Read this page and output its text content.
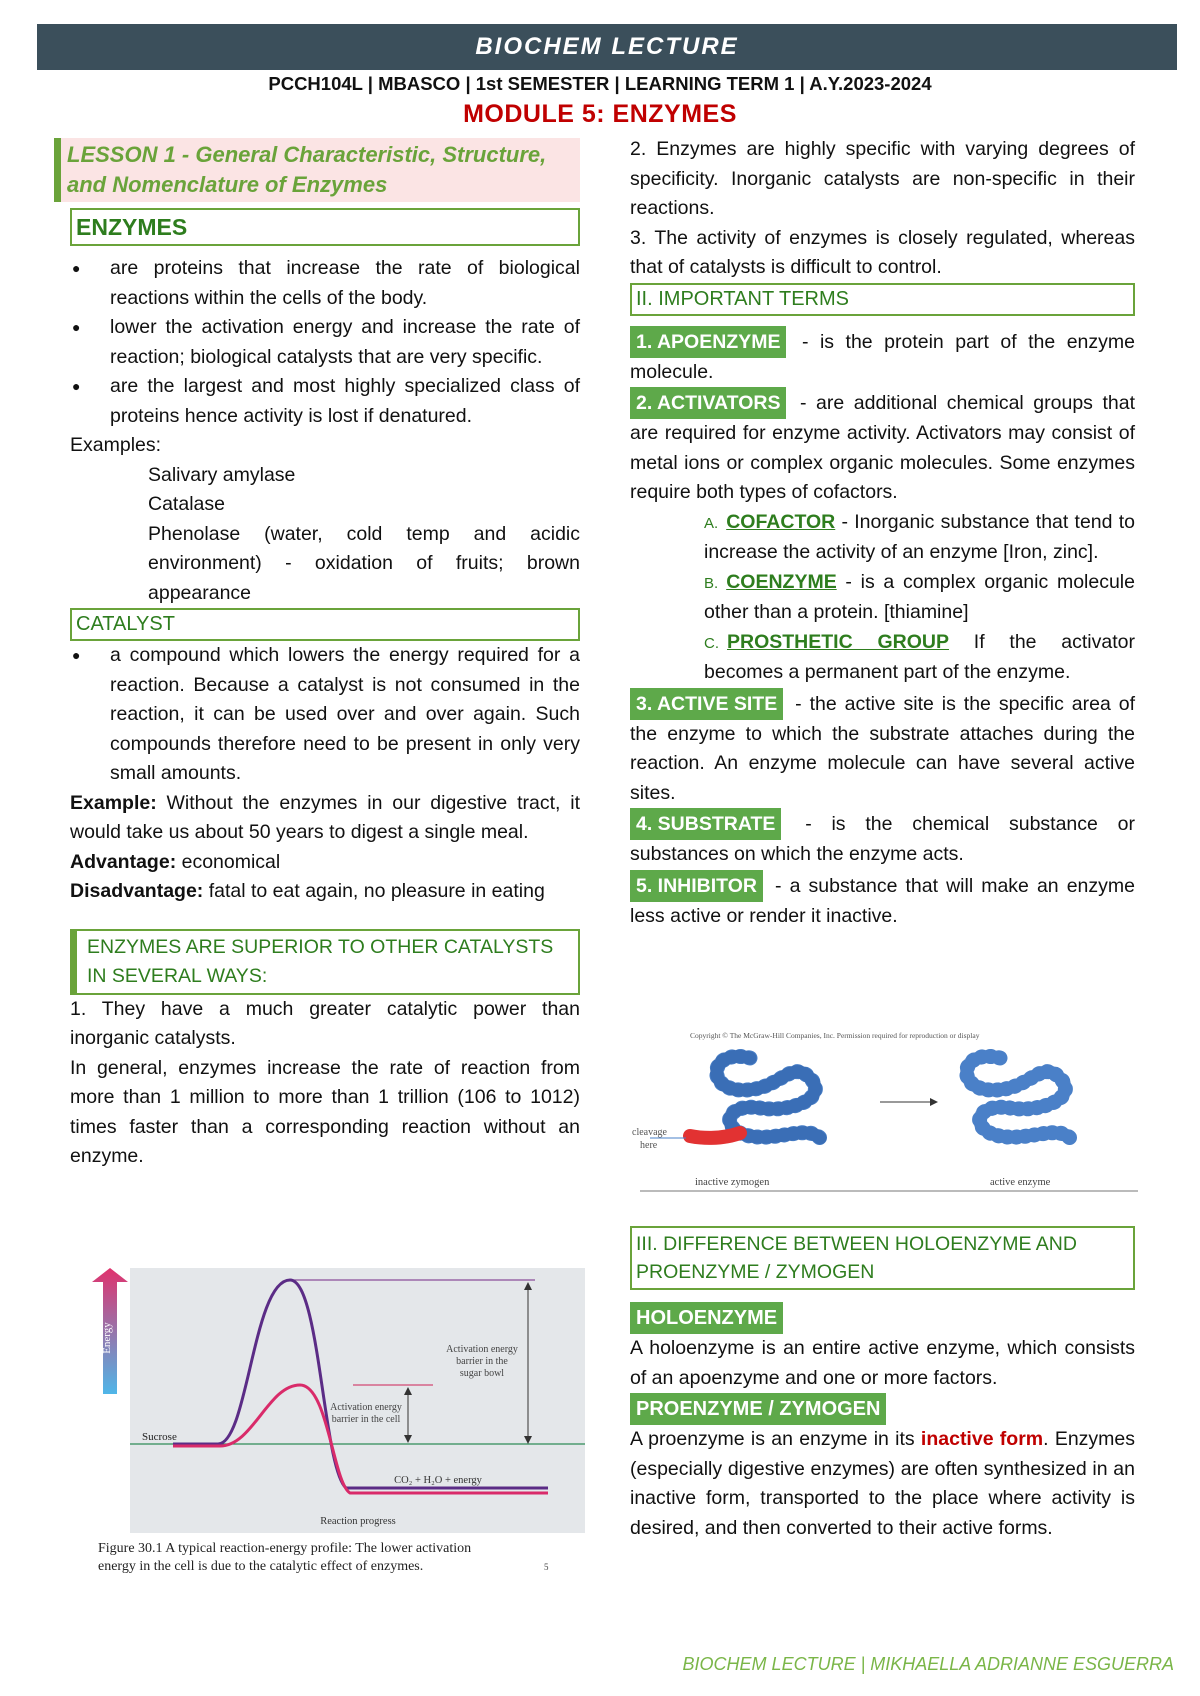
BIOCHEM LECTURE
PCCH104L | MBASCO | 1st SEMESTER | LEARNING TERM 1 | A.Y.2023-2024
MODULE 5: ENZYMES
LESSON 1 - General Characteristic, Structure, and Nomenclature of Enzymes
ENZYMES
● are proteins that increase the rate of biological reactions within the cells of the body.
● lower the activation energy and increase the rate of reaction; biological catalysts that are very specific.
● are the largest and most highly specialized class of proteins hence activity is lost if denatured.
Examples:
Salivary amylase
Catalase
Phenolase (water, cold temp and acidic environment) - oxidation of fruits; brown appearance
CATALYST
● a compound which lowers the energy required for a reaction. Because a catalyst is not consumed in the reaction, it can be used over and over again. Such compounds therefore need to be present in only very small amounts.
Example: Without the enzymes in our digestive tract, it would take us about 50 years to digest a single meal.
Advantage: economical
Disadvantage: fatal to eat again, no pleasure in eating
ENZYMES ARE SUPERIOR TO OTHER CATALYSTS IN SEVERAL WAYS:
1. They have a much greater catalytic power than inorganic catalysts.
In general, enzymes increase the rate of reaction from more than 1 million to more than 1 trillion (106 to 1012) times faster than a corresponding reaction without an enzyme.
Energy
Sucrose
Activation energy barrier in the sugar bowl
Activation energy barrier in the cell
CO₂ + H₂O + energy
Reaction progress
Figure 30.1 A typical reaction-energy profile: The lower activation energy in the cell is due to the catalytic effect of enzymes.	5
2. Enzymes are highly specific with varying degrees of specificity. Inorganic catalysts are non-specific in their reactions.
3. The activity of enzymes is closely regulated, whereas that of catalysts is difficult to control.
II. IMPORTANT TERMS
1. APOENZYME - is the protein part of the enzyme molecule.
2. ACTIVATORS - are additional chemical groups that are required for enzyme activity. Activators may consist of metal ions or complex organic molecules. Some enzymes require both types of cofactors.
A. COFACTOR - Inorganic substance that tend to increase the activity of an enzyme [Iron, zinc].
B. COENZYME - is a complex organic molecule other than a protein. [thiamine]
C. PROSTHETIC GROUP If the activator becomes a permanent part of the enzyme.
3. ACTIVE SITE - the active site is the specific area of the enzyme to which the substrate attaches during the reaction. An enzyme molecule can have several active sites.
4. SUBSTRATE - is the chemical substance or substances on which the enzyme acts.
5. INHIBITOR - a substance that will make an enzyme less active or render it inactive.
Copyright © The McGraw-Hill Companies, Inc. Permission required for reproduction or display
cleavage here
inactive zymogen	active enzyme
III. DIFFERENCE BETWEEN HOLOENZYME AND PROENZYME / ZYMOGEN
HOLOENZYME
A holoenzyme is an entire active enzyme, which consists of an apoenzyme and one or more factors.
PROENZYME / ZYMOGEN
A proenzyme is an enzyme in its inactive form. Enzymes (especially digestive enzymes) are often synthesized in an inactive form, transported to the place where activity is desired, and then converted to their active forms.
BIOCHEM LECTURE | MIKHAELLA ADRIANNE ESGUERRA
